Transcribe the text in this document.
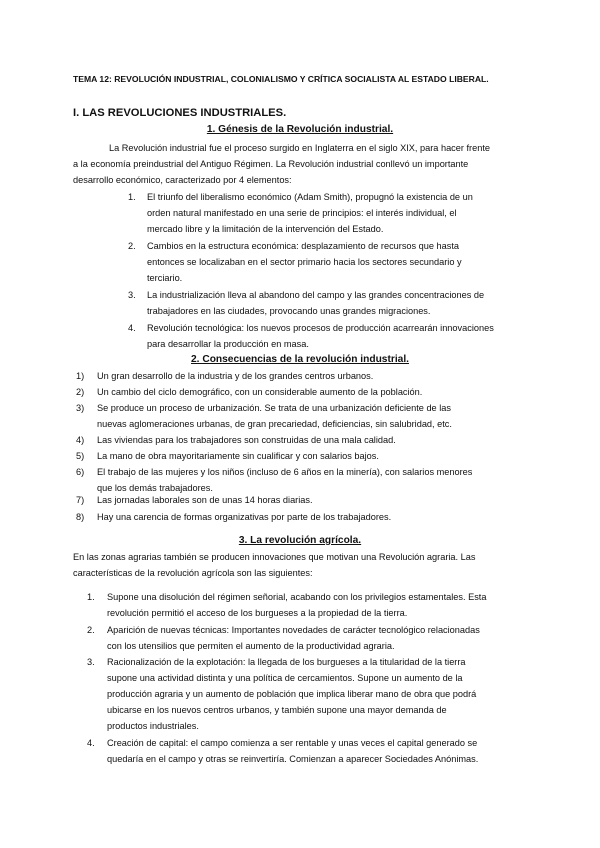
TEMA 12: REVOLUCIÓN INDUSTRIAL, COLONIALISMO Y CRÍTICA SOCIALISTA AL ESTADO LIBERAL.
I. LAS REVOLUCIONES INDUSTRIALES.
1. Génesis de la Revolución industrial.
2. Consecuencias de la revolución industrial.
3. La revolución agrícola.
La Revolución industrial fue el proceso surgido en Inglaterra en el siglo XIX, para hacer frente
a la economía preindustrial del Antiguo Régimen. La Revolución industrial conllevó un importante
desarrollo económico, caracterizado por 4 elementos:
1. El triunfo del liberalismo económico (Adam Smith), propugnó la existencia de un
orden natural manifestado en una serie de principios: el interés individual, el
mercado libre y la limitación de la intervención del Estado.
2. Cambios en la estructura económica: desplazamiento de recursos que hasta
entonces se localizaban en el sector primario hacia los sectores secundario y
terciario.
3. La industrialización lleva al abandono del campo y las grandes concentraciones de
trabajadores en las ciudades, provocando unas grandes migraciones.
4. Revolución tecnológica: los nuevos procesos de producción acarrearán innovaciones
para desarrollar la producción en masa.
1) Un gran desarrollo de la industria y de los grandes centros urbanos.
2) Un cambio del ciclo demográfico, con un considerable aumento de la población.
3) Se produce un proceso de urbanización. Se trata de una urbanización deficiente de las
nuevas aglomeraciones urbanas, de gran precariedad, deficiencias, sin salubridad, etc.
4) Las viviendas para los trabajadores son construidas de una mala calidad.
5) La mano de obra mayoritariamente sin cualificar y con salarios bajos.
6) El trabajo de las mujeres y los niños (incluso de 6 años en la minería), con salarios menores
que los demás trabajadores.
7) Las jornadas laborales son de unas 14 horas diarias.
8) Hay una carencia de formas organizativas por parte de los trabajadores.
En las zonas agrarias también se producen innovaciones que motivan una Revolución agraria. Las
características de la revolución agrícola son las siguientes:
1. Supone una disolución del régimen señorial, acabando con los privilegios estamentales. Esta
revolución permitió el acceso de los burgueses a la propiedad de la tierra.
2. Aparición de nuevas técnicas: Importantes novedades de carácter tecnológico relacionadas
con los utensilios que permiten el aumento de la productividad agraria.
3. Racionalización de la explotación: la llegada de los burgueses a la titularidad de la tierra
supone una actividad distinta y una política de cercamientos. Supone un aumento de la
producción agraria y un aumento de población que implica liberar mano de obra que podrá
ubicarse en los nuevos centros urbanos, y también supone una mayor demanda de
productos industriales.
4. Creación de capital: el campo comienza a ser rentable y unas veces el capital generado se
quedaría en el campo y otras se reinvertiría. Comienzan a aparecer Sociedades Anónimas.
